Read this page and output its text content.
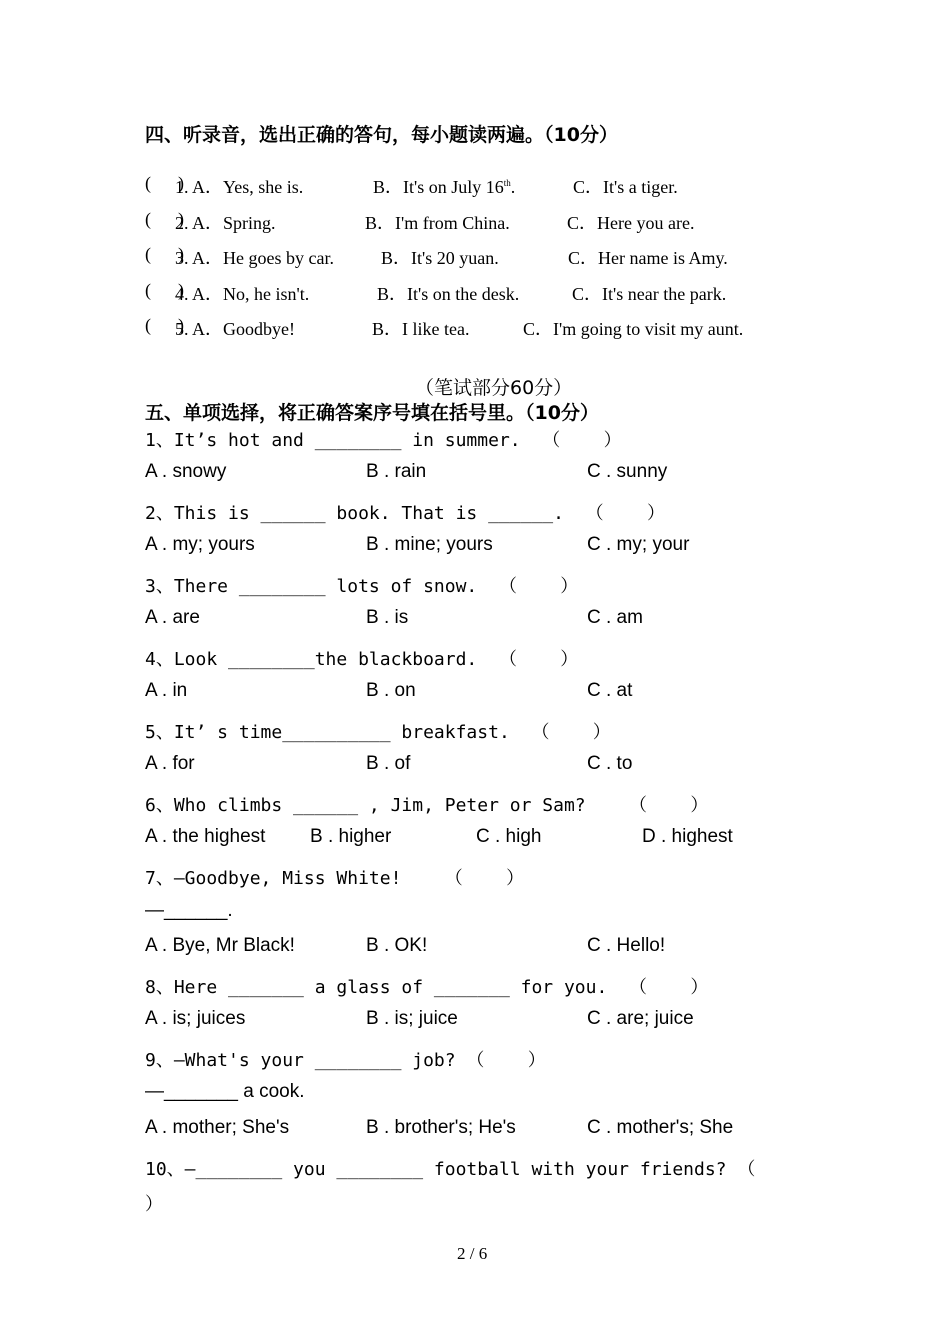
四、听录音，选出正确的答句，每小题读两遍。（10分）
(      )
1. A．Yes, she is.	B．It's on July 16th.	C．It's a tiger.
(      )
2. A．Spring.	B．I'm from China.	C．Here you are.
(      )
3. A．He goes by car.	B．It's 20 yuan.	C．Her name is Amy.
(      )
4. A．No, he isn't.	B．It's on the desk.	C．It's near the park.
(      )
5. A．Goodbye!	B．I like tea.	C．I'm going to visit my aunt.
（笔试部分60分）
五、单项选择，将正确答案序号填在括号里。（10分）
1、It’s hot and ________ in summer.  （    ）
A . snowy	B . rain	C . sunny
2、This is ______ book. That is ______.  （    ）
A . my; yours	B . mine; yours	C . my; your
3、There ________ lots of snow.  （    ）
A . are	B . is	C . am
4、Look ________the blackboard.  （    ）
A . in	B . on	C . at
5、It’ s time__________ breakfast.  （    ）
A . for	B . of	C . to
6、Who climbs ______ , Jim, Peter or Sam?    （    ）
A . the highest B . higher	C . high	D . highest
7、—Goodbye, Miss White!    （    ）
—______.
A . Bye, Mr Black!	B . OK!	C . Hello!
8、Here _______ a glass of _______ for you.  （    ）
A . is; juices	B . is; juice	C . are; juice
9、—What's your ________ job? （    ）
—_______ a cook.
A . mother; She's	B . brother's; He's	C . mother's; She
10、—________ you ________ football with your friends? （
）
2 / 6
